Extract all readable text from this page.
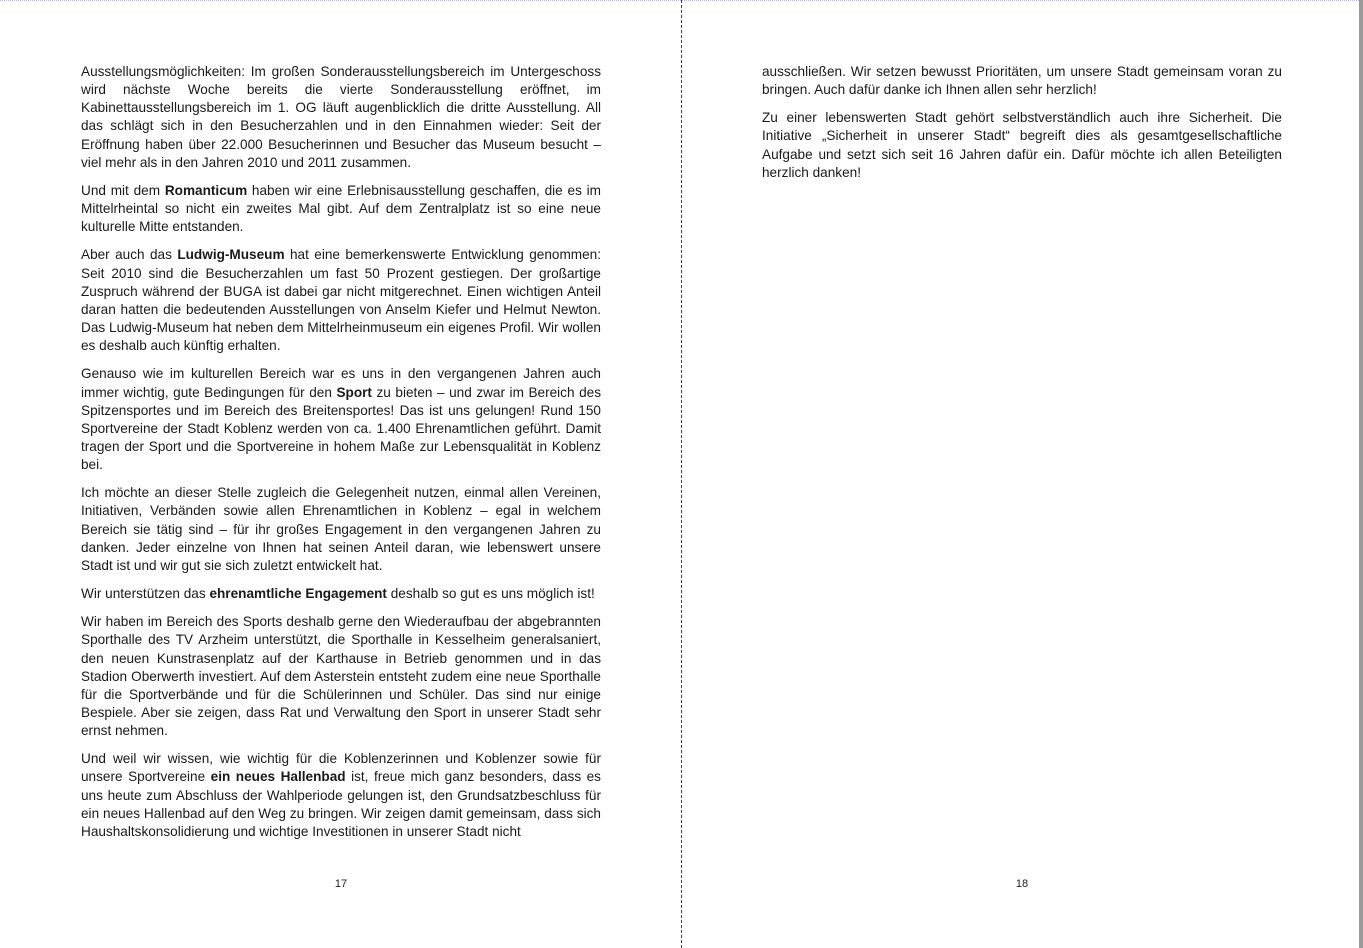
Ausstellungsmöglichkeiten: Im großen Sonderausstellungsbereich im Untergeschoss wird nächste Woche bereits die vierte Sonderausstellung eröffnet, im Kabinettausstellungsbereich im 1. OG läuft augenblicklich die dritte Ausstellung. All das schlägt sich in den Besucherzahlen und in den Einnahmen wieder: Seit der Eröffnung haben über 22.000 Besucherinnen und Besucher das Museum besucht – viel mehr als in den Jahren 2010 und 2011 zusammen.

Und mit dem Romanticum haben wir eine Erlebnisausstellung geschaffen, die es im Mittelrheintal so nicht ein zweites Mal gibt. Auf dem Zentralplatz ist so eine neue kulturelle Mitte entstanden.

Aber auch das Ludwig-Museum hat eine bemerkenswerte Entwicklung genommen: Seit 2010 sind die Besucherzahlen um fast 50 Prozent gestiegen. Der großartige Zuspruch während der BUGA ist dabei gar nicht mitgerechnet. Einen wichtigen Anteil daran hatten die bedeutenden Ausstellungen von Anselm Kiefer und Helmut Newton. Das Ludwig-Museum hat neben dem Mittelrheinmuseum ein eigenes Profil. Wir wollen es deshalb auch künftig erhalten.

Genauso wie im kulturellen Bereich war es uns in den vergangenen Jahren auch immer wichtig, gute Bedingungen für den Sport zu bieten – und zwar im Bereich des Spitzensportes und im Bereich des Breitensportes! Das ist uns gelungen! Rund 150 Sportvereine der Stadt Koblenz werden von ca. 1.400 Ehrenamtlichen geführt. Damit tragen der Sport und die Sportvereine in hohem Maße zur Lebensqualität in Koblenz bei.

Ich möchte an dieser Stelle zugleich die Gelegenheit nutzen, einmal allen Vereinen, Initiativen, Verbänden sowie allen Ehrenamtlichen in Koblenz – egal in welchem Bereich sie tätig sind – für ihr großes Engagement in den vergangenen Jahren zu danken. Jeder einzelne von Ihnen hat seinen Anteil daran, wie lebenswert unsere Stadt ist und wir gut sie sich zuletzt entwickelt hat.

Wir unterstützen das ehrenamtliche Engagement deshalb so gut es uns möglich ist!

Wir haben im Bereich des Sports deshalb gerne den Wiederaufbau der abgebrannten Sporthalle des TV Arzheim unterstützt, die Sporthalle in Kesselheim generalsaniert, den neuen Kunstrasenplatz auf der Karthause in Betrieb genommen und in das Stadion Oberwerth investiert. Auf dem Asterstein entsteht zudem eine neue Sporthalle für die Sportverbände und für die Schülerinnen und Schüler. Das sind nur einige Bespiele. Aber sie zeigen, dass Rat und Verwaltung den Sport in unserer Stadt sehr ernst nehmen.

Und weil wir wissen, wie wichtig für die Koblenzerinnen und Koblenzer sowie für unsere Sportvereine ein neues Hallenbad ist, freue mich ganz besonders, dass es uns heute zum Abschluss der Wahlperiode gelungen ist, den Grundsatzbeschluss für ein neues Hallenbad auf den Weg zu bringen. Wir zeigen damit gemeinsam, dass sich Haushaltskonsolidierung und wichtige Investitionen in unserer Stadt nicht

17

ausschließen. Wir setzen bewusst Prioritäten, um unsere Stadt gemeinsam voran zu bringen. Auch dafür danke ich Ihnen allen sehr herzlich!

Zu einer lebenswerten Stadt gehört selbstverständlich auch ihre Sicherheit. Die Initiative „Sicherheit in unserer Stadt“ begreift dies als gesamtgesellschaftliche Aufgabe und setzt sich seit 16 Jahren dafür ein. Dafür möchte ich allen Beteiligten herzlich danken!

18
